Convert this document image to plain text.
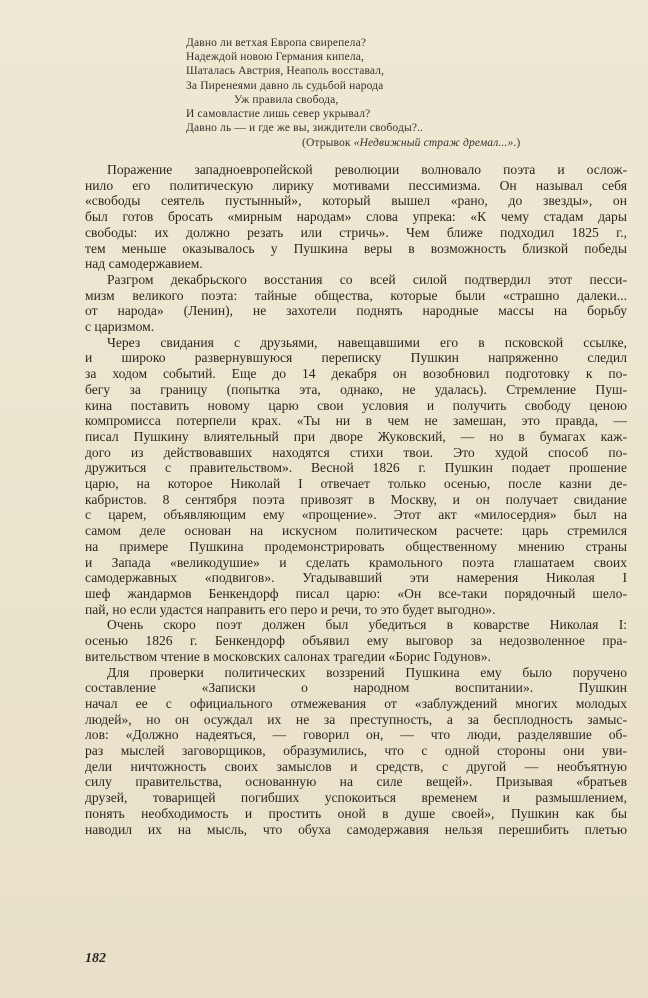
Давно ли ветхая Европа свирепела?
Надеждой новою Германия кипела,
Шаталась Австрия, Неаполь восставал,
За Пиренеями давно ль судьбой народа
Уж правила свобода,
И самовластие лишь север укрывал?
Давно ль — и где же вы, зиждители свободы?..
(Отрывок «Недвижный страж дремал...».)
Поражение западноевропейской революции волновало поэта и ослож-
нило его политическую лирику мотивами пессимизма. Он называл себя
«свободы сеятель пустынный», который вышел «рано, до звезды», он
был готов бросать «мирным народам» слова упрека: «К чему стадам дары
свободы: их должно резать или стричь». Чем ближе подходил 1825 г.,
тем меньше оказывалось у Пушкина веры в возможность близкой победы
над самодержавием.
Разгром декабрьского восстания со всей силой подтвердил этот песси-
мизм великого поэта: тайные общества, которые были «страшно далеки...
от народа» (Ленин), не захотели поднять народные массы на борьбу
с царизмом.
Через свидания с друзьями, навещавшими его в псковской ссылке,
и широко развернувшуюся переписку Пушкин напряженно следил
за ходом событий. Еще до 14 декабря он возобновил подготовку к по-
бегу за границу (попытка эта, однако, не удалась). Стремление Пуш-
кина поставить новому царю свои условия и получить свободу ценою
компромисса потерпели крах. «Ты ни в чем не замешан, это правда, —
писал Пушкину влиятельный при дворе Жуковский, — но в бумагах каж-
дого из действовавших находятся стихи твои. Это худой способ по-
дружиться с правительством». Весной 1826 г. Пушкин подает прошение
царю, на которое Николай I отвечает только осенью, после казни де-
кабристов. 8 сентября поэта привозят в Москву, и он получает свидание
с царем, объявляющим ему «прощение». Этот акт «милосердия» был на
самом деле основан на искусном политическом расчете: царь стремился
на примере Пушкина продемонстрировать общественному мнению страны
и Запада «великодушие» и сделать крамольного поэта глашатаем своих
самодержавных «подвигов». Угадывавший эти намерения Николая I
шеф жандармов Бенкендорф писал царю: «Он все-таки порядочный шело-
пай, но если удастся направить его перо и речи, то это будет выгодно».
Очень скоро поэт должен был убедиться в коварстве Николая I:
осенью 1826 г. Бенкендорф объявил ему выговор за недозволенное пра-
вительством чтение в московских салонах трагедии «Борис Годунов».
Для проверки политических воззрений Пушкина ему было поручено
составление «Записки о народном воспитании». Пушкин
начал ее с официального отмежевания от «заблуждений многих молодых
людей», но он осуждал их не за преступность, а за бесплодность замыс-
лов: «Должно надеяться, — говорил он, — что люди, разделявшие об-
раз мыслей заговорщиков, образумились, что с одной стороны они уви-
дели ничтожность своих замыслов и средств, с другой — необъятную
силу правительства, основанную на силе вещей». Призывая «братьев
друзей, товарищей погибших успокоиться временем и размышлением,
понять необходимость и простить оной в душе своей», Пушкин как бы
наводил их на мысль, что обуха самодержавия нельзя перешибить плетью
182
